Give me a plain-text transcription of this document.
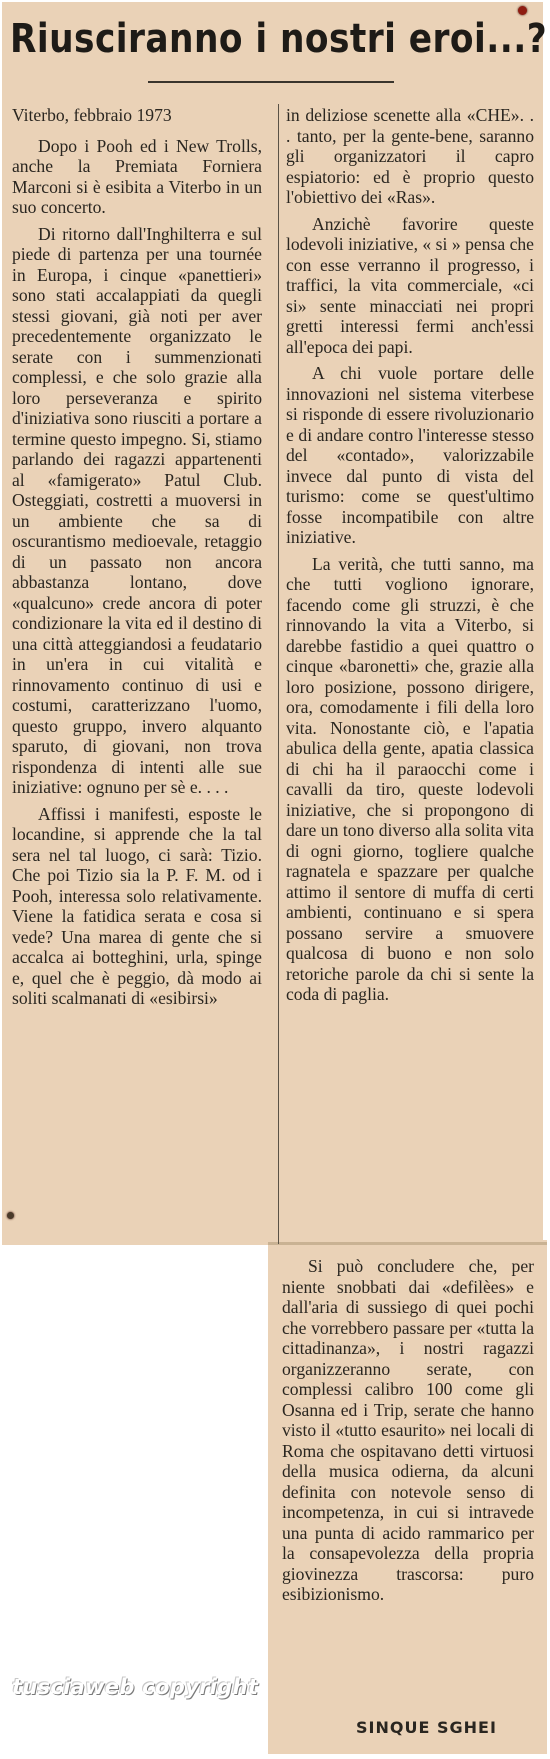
Riusciranno i nostri eroi...?

Viterbo, febbraio 1973

Dopo i Pooh ed i New Trolls, anche la Premiata Forniera Marconi si è esibita a Viterbo in un suo concerto.

Di ritorno dall'Inghilterra e sul piede di partenza per una tournée in Europa, i cinque «panettieri» sono stati accalappiati da quegli stessi giovani, già noti per aver precedentemente organizzato le serate con i summenzionati complessi, e che solo grazie alla loro perseveranza e spirito d'iniziativa sono riusciti a portare a termine questo impegno. Si, stiamo parlando dei ragazzi appartenenti al «famigerato» Patul Club. Osteggiati, costretti a muoversi in un ambiente che sa di oscurantismo medioevale, retaggio di un passato non ancora abbastanza lontano, dove «qualcuno» crede ancora di poter condizionare la vita ed il destino di una città atteggiandosi a feudatario in un'era in cui vitalità e rinnovamento continuo di usi e costumi, caratterizzano l'uomo, questo gruppo, invero alquanto sparuto, di giovani, non trova rispondenza di intenti alle sue iniziative: ognuno per sè e. . . .

Affissi i manifesti, esposte le locandine, si apprende che la tal sera nel tal luogo, ci sarà: Tizio. Che poi Tizio sia la P. F. M. od i Pooh, interessa solo relativamente. Viene la fatidica serata e cosa si vede? Una marea di gente che si accalca ai botteghini, urla, spinge e, quel che è peggio, dà modo ai soliti scalmanati di «esibirsi»

in deliziose scenette alla «CHE». . . tanto, per la gente-bene, saranno gli organizzatori il capro espiatorio: ed è proprio questo l'obiettivo dei «Ras».

Anzichè favorire queste lodevoli iniziative, « si » pensa che con esse verranno il progresso, i traffici, la vita commerciale, «ci si» sente minacciati nei propri gretti interessi fermi anch'essi all'epoca dei papi.

A chi vuole portare delle innovazioni nel sistema viterbese si risponde di essere rivoluzionario e di andare contro l'interesse stesso del «contado», valorizzabile invece dal punto di vista del turismo: come se quest'ultimo fosse incompatibile con altre iniziative.

La verità, che tutti sanno, ma che tutti vogliono ignorare, facendo come gli struzzi, è che rinnovando la vita a Viterbo, si darebbe fastidio a quei quattro o cinque «baronetti» che, grazie alla loro posizione, possono dirigere, ora, comodamente i fili della loro vita. Nonostante ciò, e l'apatia abulica della gente, apatia classica di chi ha il paraocchi come i cavalli da tiro, queste lodevoli iniziative, che si propongono di dare un tono diverso alla solita vita di ogni giorno, togliere qualche ragnatela e spazzare per qualche attimo il sentore di muffa di certi ambienti, continuano e si spera possano servire a smuovere qualcosa di buono e non solo retoriche parole da chi si sente la coda di paglia.

Si può concludere che, per niente snobbati dai «defilèes» e dall'aria di sussiego di quei pochi che vorrebbero passare per «tutta la cittadinanza», i nostri ragazzi organizzeranno serate, con complessi calibro 100 come gli Osanna ed i Trip, serate che hanno visto il «tutto esaurito» nei locali di Roma che ospitavano detti virtuosi della musica odierna, da alcuni definita con notevole senso di incompetenza, in cui si intravede una punta di acido rammarico per la consapevolezza della propria giovinezza trascorsa: puro esibizionismo.

SINQUE SGHEI
tusciaweb copyright
